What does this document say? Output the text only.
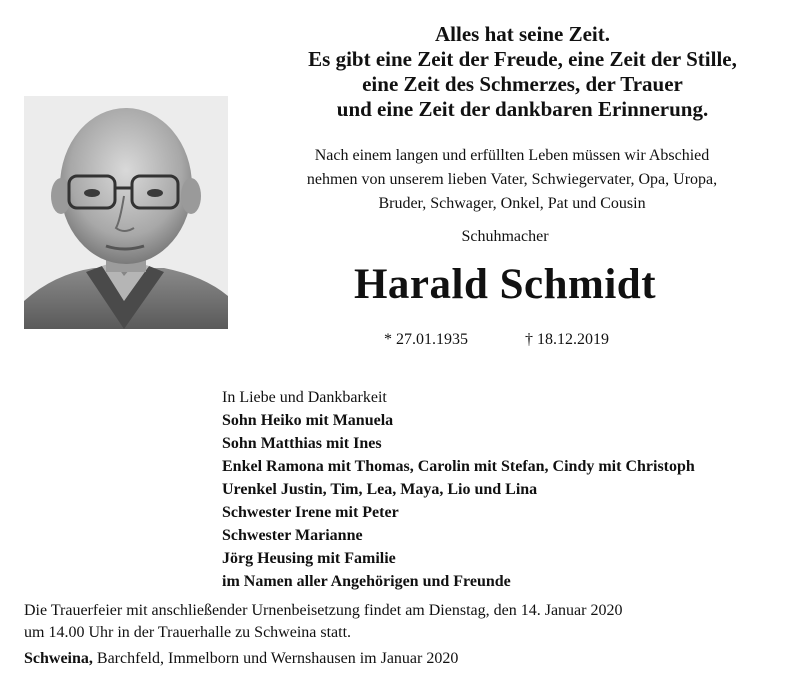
Alles hat seine Zeit.
Es gibt eine Zeit der Freude, eine Zeit der Stille,
eine Zeit des Schmerzes, der Trauer
und eine Zeit der dankbaren Erinnerung.
Nach einem langen und erfüllten Leben müssen wir Abschied
nehmen von unserem lieben Vater, Schwiegervater, Opa, Uropa,
Bruder, Schwager, Onkel, Pat und Cousin
Schuhmacher
Harald Schmidt
* 27.01.1935	† 18.12.2019
In Liebe und Dankbarkeit
Sohn Heiko mit Manuela
Sohn Matthias mit Ines
Enkel Ramona mit Thomas, Carolin mit Stefan, Cindy mit Christoph
Urenkel Justin, Tim, Lea, Maya, Lio und Lina
Schwester Irene mit Peter
Schwester Marianne
Jörg Heusing mit Familie
im Namen aller Angehörigen und Freunde
Die Trauerfeier mit anschließender Urnenbeisetzung findet am Dienstag, den 14. Januar 2020
um 14.00 Uhr in der Trauerhalle zu Schweina statt.
Schweina, Barchfeld, Immelborn und Wernshausen im Januar 2020
